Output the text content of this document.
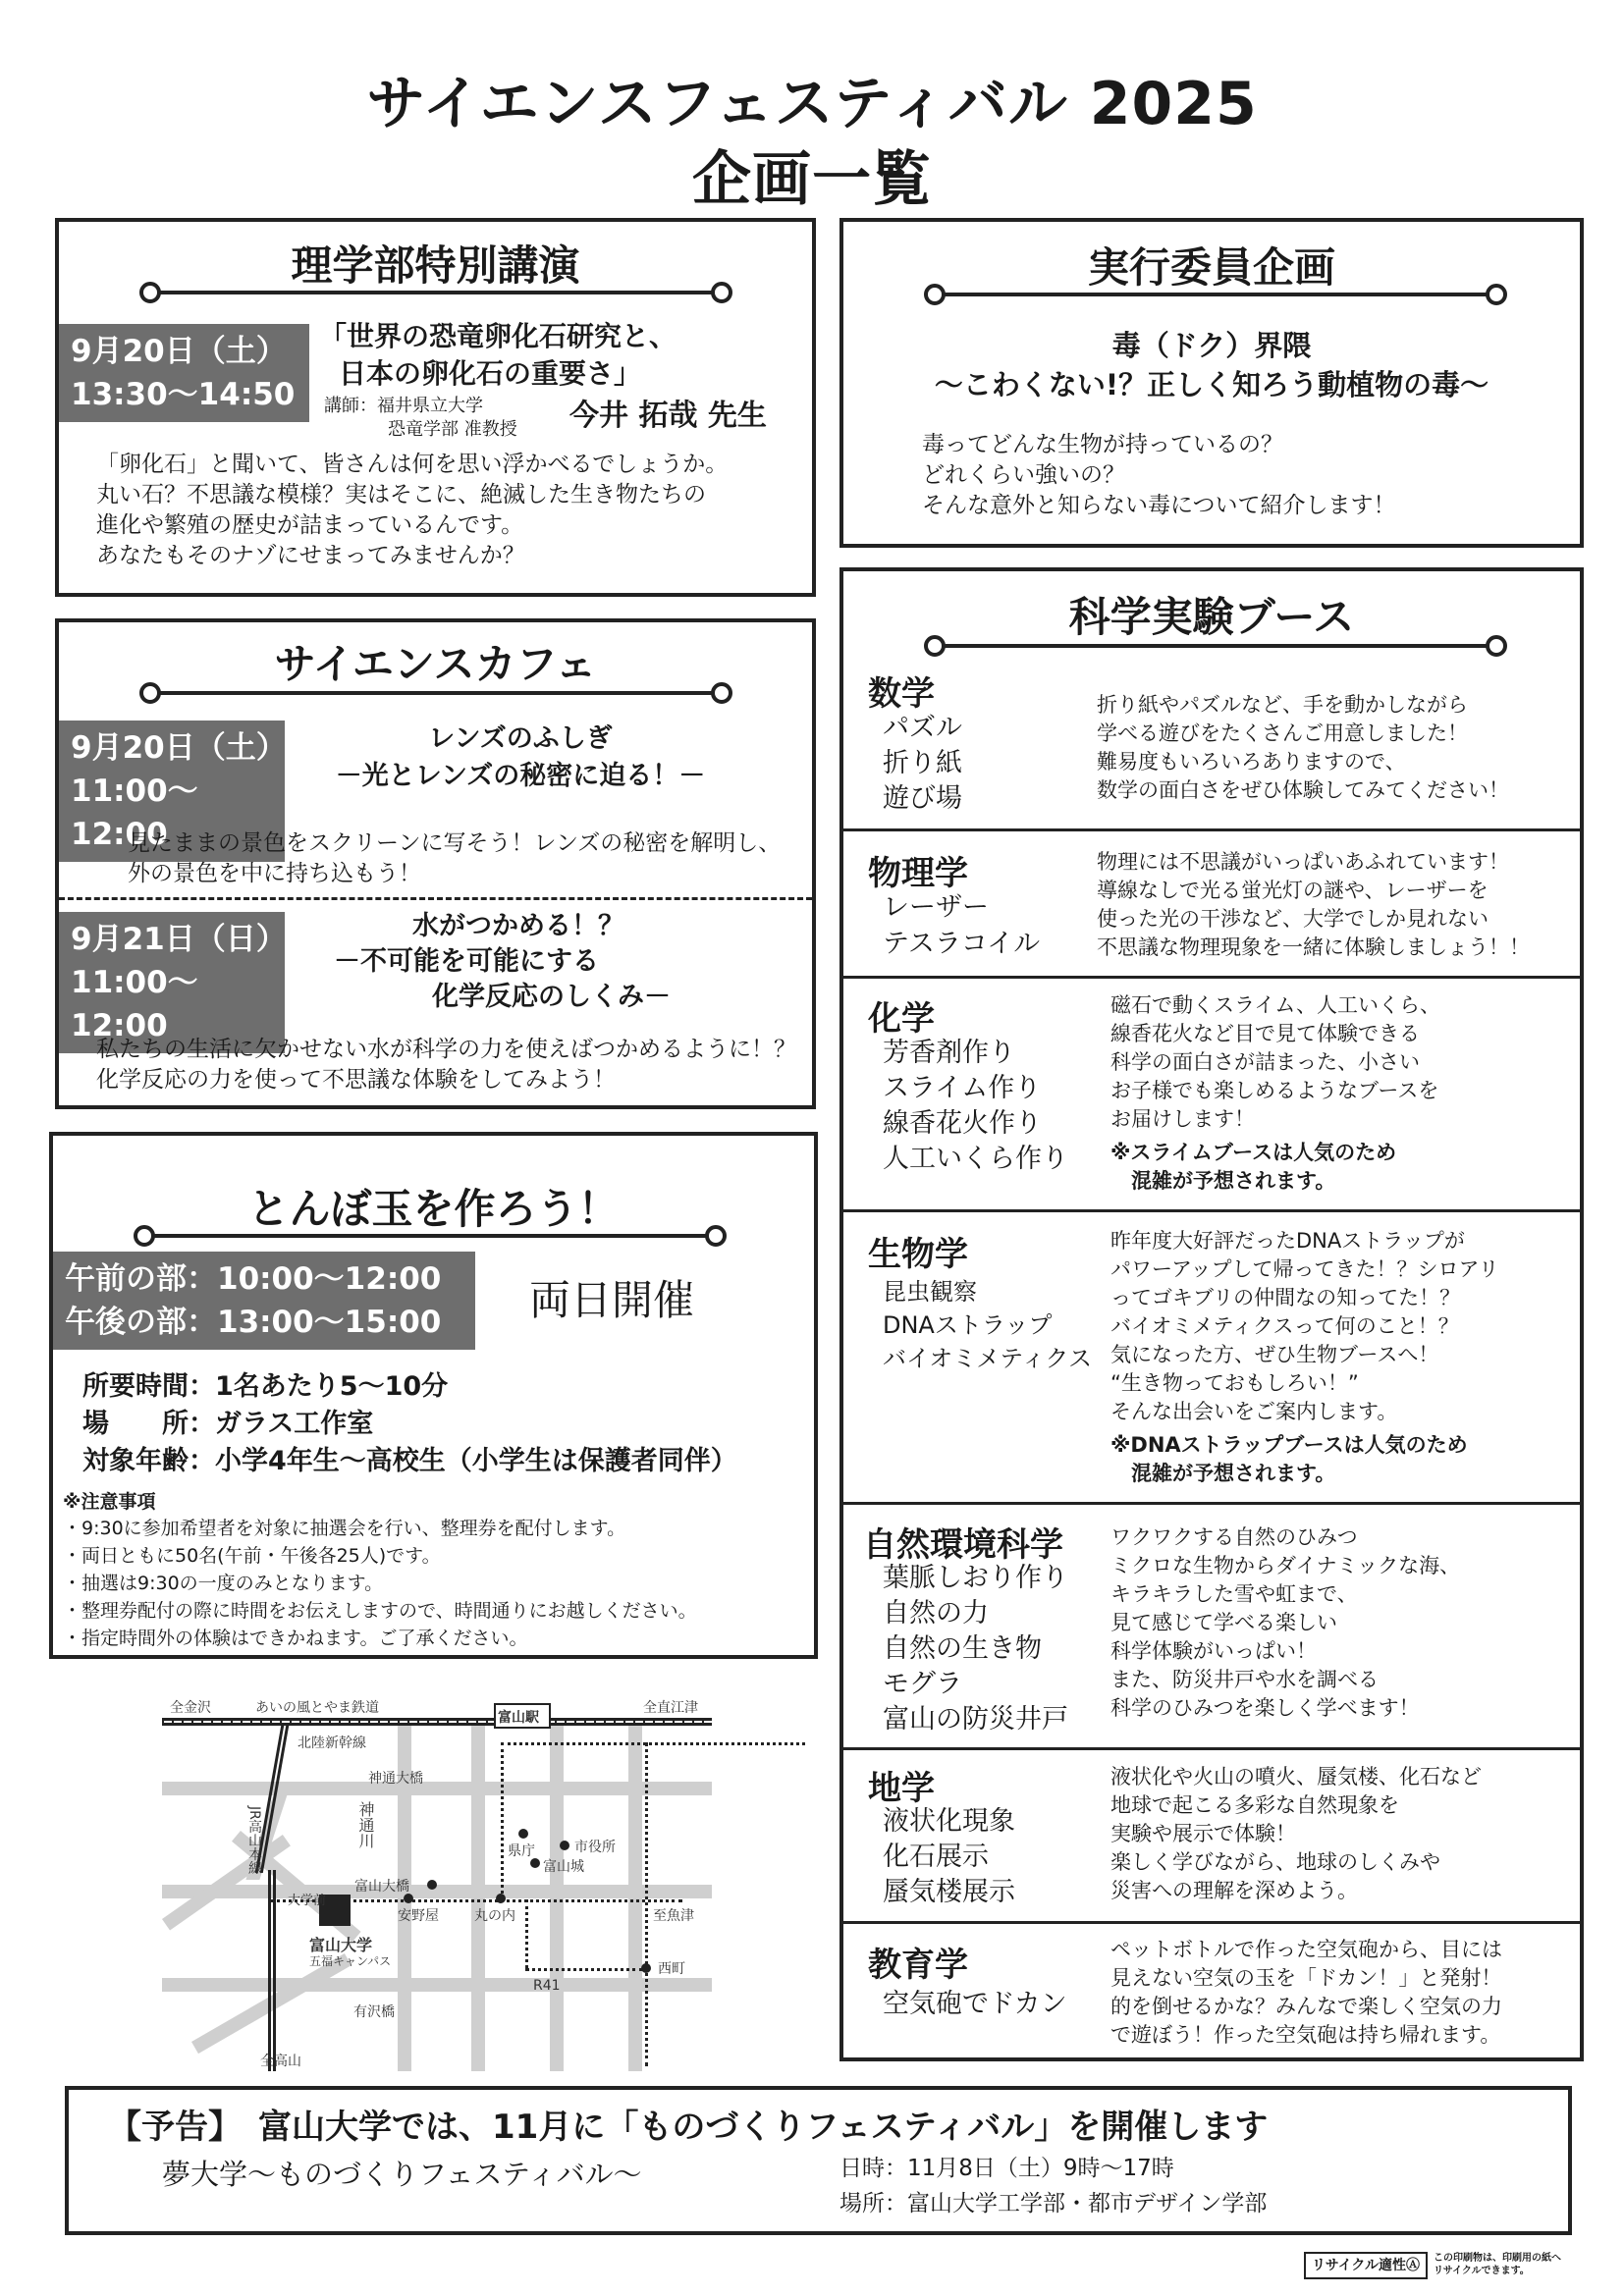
サイエンスフェスティバル 2025
企画一覧
理学部特別講演
9月20日（土）
13:30〜14:50
「世界の恐竜卵化石研究と、
日本の卵化石の重要さ」
講師：福井県立大学
恐竜学部 准教授 今井 拓哉 先生
「卵化石」と聞いて、皆さんは何を思い浮かべるでしょうか。
丸い石？不思議な模様？実はそこに、絶滅した生き物たちの
進化や繁殖の歴史が詰まっているんです。
あなたもそのナゾにせまってみませんか？
サイエンスカフェ
9月20日（土）
11:00〜12:00
レンズのふしぎ
－光とレンズの秘密に迫る！－
見たままの景色をスクリーンに写そう！レンズの秘密を解明し、
外の景色を中に持ち込もう！
9月21日（日）
11:00〜12:00
水がつかめる！？
－不可能を可能にする
化学反応のしくみ－
私たちの生活に欠かせない水が科学の力を使えばつかめるように！？
化学反応の力を使って不思議な体験をしてみよう！
とんぼ玉を作ろう！
午前の部：10:00〜12:00
午後の部：13:00〜15:00	両日開催
所要時間：1名あたり5〜10分
場　　所：ガラス工作室
対象年齢：小学4年生〜高校生（小学生は保護者同伴）
※注意事項
・9:30に参加希望者を対象に抽選会を行い、整理券を配付します。
・両日ともに50名(午前・午後各25人)です。
・抽選は9:30の一度のみとなります。
・整理券配付の際に時間をお伝えしますので、時間通りにお越しください。
・指定時間外の体験はできかねます。ご了承ください。
全金沢	あいの風とやま鉄道
富山駅
全直江津
北陸新幹線
神通大橋
神通川
JR高山本線	県庁	市役所
富山城
富山大橋
大学前
安野屋	丸の内	至魚津
富山大学
五福キャンパス	西町
R41
有沢橋
全高山
実行委員企画
毒（ドク）界隈
〜こわくない!？正しく知ろう動植物の毒〜
毒ってどんな生物が持っているの？
どれくらい強いの？
そんな意外と知らない毒について紹介します！
科学実験ブース
数学
パズル
折り紙
遊び場
折り紙やパズルなど、手を動かしながら
学べる遊びをたくさんご用意しました！
難易度もいろいろありますので、
数学の面白さをぜひ体験してみてください！
物理学
レーザー
テスラコイル
物理には不思議がいっぱいあふれています！
導線なしで光る蛍光灯の謎や、レーザーを
使った光の干渉など、大学でしか見れない
不思議な物理現象を一緒に体験しましょう！！
化学
芳香剤作り
スライム作り
線香花火作り
人工いくら作り
磁石で動くスライム、人工いくら、
線香花火など目で見て体験できる
科学の面白さが詰まった、小さい
お子様でも楽しめるようなブースを
お届けします！
※スライムブースは人気のため
　混雑が予想されます。
生物学
昆虫観察
DNAストラップ
バイオミメティクス
昨年度大好評だったDNAストラップが
パワーアップして帰ってきた！？シロアリ
ってゴキブリの仲間なの知ってた！？
バイオミメティクスって何のこと！？
気になった方、ぜひ生物ブースへ！
“生き物っておもしろい！”
そんな出会いをご案内します。
※DNAストラップブースは人気のため
　混雑が予想されます。
自然環境科学
葉脈しおり作り
自然の力
自然の生き物
モグラ
富山の防災井戸
ワクワクする自然のひみつ
ミクロな生物からダイナミックな海、
キラキラした雪や虹まで、
見て感じて学べる楽しい
科学体験がいっぱい！
また、防災井戸や水を調べる
科学のひみつを楽しく学べます！
地学
液状化現象
化石展示
蜃気楼展示
液状化や火山の噴火、蜃気楼、化石など
地球で起こる多彩な自然現象を
実験や展示で体験！
楽しく学びながら、地球のしくみや
災害への理解を深めよう。
教育学
空気砲でドカン
ペットボトルで作った空気砲から、目には
見えない空気の玉を「ドカン！」と発射！
的を倒せるかな？みんなで楽しく空気の力
で遊ぼう！作った空気砲は持ち帰れます。
【予告】　富山大学では、11月に「ものづくりフェスティバル」を開催します
夢大学〜ものづくりフェスティバル〜	日時：11月8日（土）9時〜17時
場所：富山大学工学部・都市デザイン学部
リサイクル適性Ⓐ	この印刷物は、印刷用の紙へ
リサイクルできます。
